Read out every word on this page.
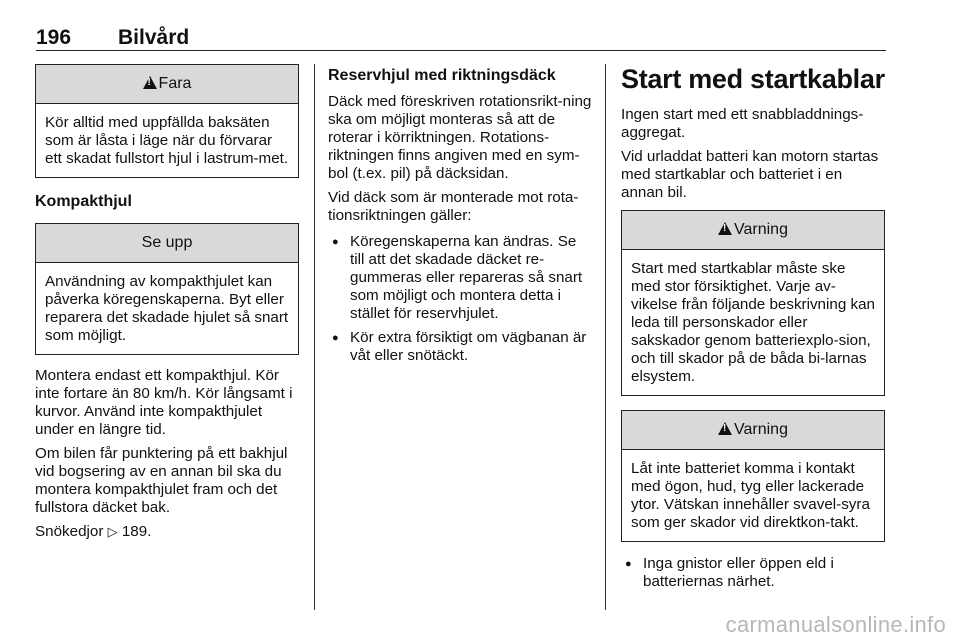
196 Bilvård
!Fara
Kör alltid med uppfällda baksäten som är låsta i läge när du förvarar ett skadat fullstort hjul i lastrum-met.
Kompakthjul
Se upp
Användning av kompakthjulet kan påverka köregenskaperna. Byt eller reparera det skadade hjulet så snart som möjligt.

Montera endast ett kompakthjul. Kör inte fortare än 80 km/h. Kör långsamt i kurvor. Använd inte kompakthjulet under en längre tid.

Om bilen får punktering på ett bakhjul vid bogsering av en annan bil ska du montera kompakthjulet fram och det fullstora däcket bak.

Snökedjor ▷ 189.

Reservhjul med riktningsdäck

Däck med föreskriven rotationsrikt-ning ska om möjligt monteras så att de roterar i körriktningen. Rotations-riktningen finns angiven med en sym-bol (t.ex. pil) på däcksidan.

Vid däck som är monterade mot rota-tionsriktningen gäller:

● Köregenskaperna kan ändras. Se till att det skadade däcket re-gummeras eller repareras så snart som möjligt och montera detta i stället för reservhjulet.
● Kör extra försiktigt om vägbanan är våt eller snötäckt.
Start med startkablar

Ingen start med ett snabbladdnings-aggregat.

Vid urladdat batteri kan motorn startas med startkablar och batteriet i en annan bil.

!Varning
Start med startkablar måste ske med stor försiktighet. Varje av-vikelse från följande beskrivning kan leda till personskador eller sakskador genom batteriexplo-sion, och till skador på de båda bi-larnas elsystem.
!Varning
Låt inte batteriet komma i kontakt med ögon, hud, tyg eller lackerade ytor. Vätskan innehåller svavel-syra som ger skador vid direktkon-takt.
● Inga gnistor eller öppen eld i batteriernas närhet.
carmanualsonline.info
